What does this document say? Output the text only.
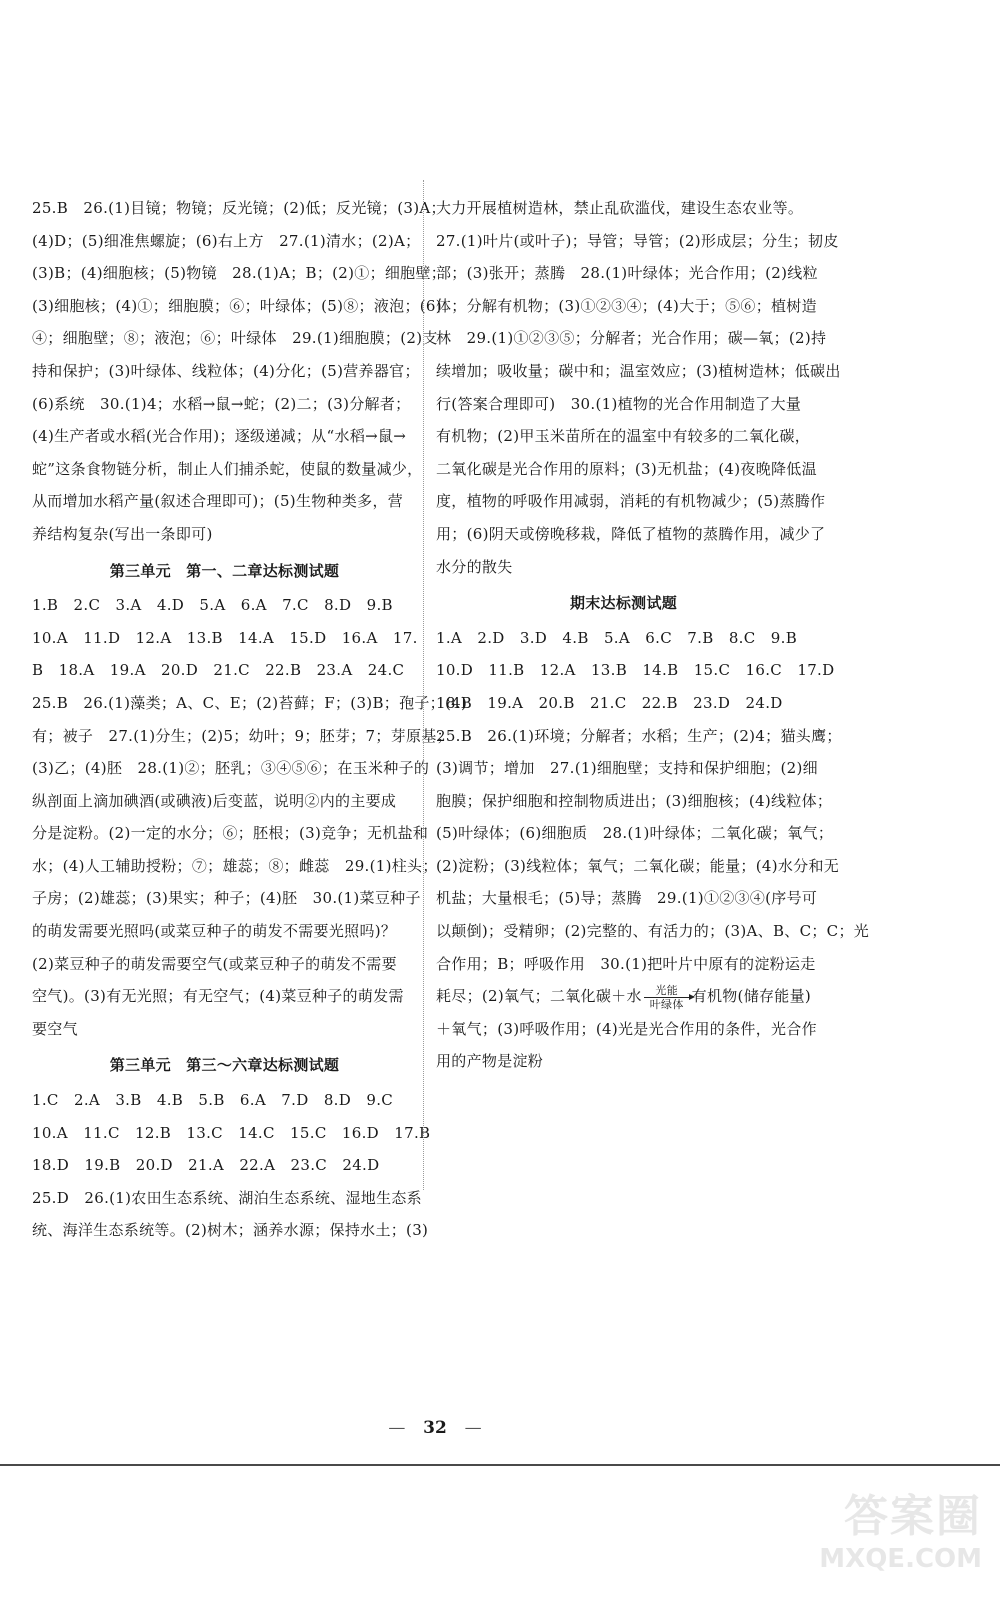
25.B　26.(1)目镜；物镜；反光镜；(2)低；反光镜；(3)A；
(4)D；(5)细准焦螺旋；(6)右上方　27.(1)清水；(2)A；
(3)B；(4)细胞核；(5)物镜　28.(1)A；B；(2)①；细胞壁；
(3)细胞核；(4)①；细胞膜；⑥；叶绿体；(5)⑧；液泡；(6)
④；细胞壁；⑧；液泡；⑥；叶绿体　29.(1)细胞膜；(2)支
持和保护；(3)叶绿体、线粒体；(4)分化；(5)营养器官；
(6)系统　30.(1)4；水稻→鼠→蛇；(2)二；(3)分解者；
(4)生产者或水稻(光合作用)；逐级递减；从“水稻→鼠→
蛇”这条食物链分析，制止人们捕杀蛇，使鼠的数量减少，
从而增加水稻产量(叙述合理即可)；(5)生物种类多，营
养结构复杂(写出一条即可)
第三单元　第一、二章达标测试题
1.B　2.C　3.A　4.D　5.A　6.A　7.C　8.D　9.B
10.A　11.D　12.A　13.B　14.A　15.D　16.A　17.
B　18.A　19.A　20.D　21.C　22.B　23.A　24.C
25.B　26.(1)藻类；A、C、E；(2)苔藓；F；(3)B；孢子；(4)
有；被子　27.(1)分生；(2)5；幼叶；9；胚芽；7；芽原基；
(3)乙；(4)胚　28.(1)②；胚乳；③④⑤⑥；在玉米种子的
纵剖面上滴加碘酒(或碘液)后变蓝，说明②内的主要成
分是淀粉。(2)一定的水分；⑥；胚根；(3)竞争；无机盐和
水；(4)人工辅助授粉；⑦；雄蕊；⑧；雌蕊　29.(1)柱头；
子房；(2)雄蕊；(3)果实；种子；(4)胚　30.(1)菜豆种子
的萌发需要光照吗(或菜豆种子的萌发不需要光照吗)？
(2)菜豆种子的萌发需要空气(或菜豆种子的萌发不需要
空气)。(3)有无光照；有无空气；(4)菜豆种子的萌发需
要空气
第三单元　第三～六章达标测试题
1.C　2.A　3.B　4.B　5.B　6.A　7.D　8.D　9.C
10.A　11.C　12.B　13.C　14.C　15.C　16.D　17.B
18.D　19.B　20.D　21.A　22.A　23.C　24.D
25.D　26.(1)农田生态系统、湖泊生态系统、湿地生态系
统、海洋生态系统等。(2)树木；涵养水源；保持水土；(3)
大力开展植树造林，禁止乱砍滥伐，建设生态农业等。
27.(1)叶片(或叶子)；导管；导管；(2)形成层；分生；韧皮
部；(3)张开；蒸腾　28.(1)叶绿体；光合作用；(2)线粒
体；分解有机物；(3)①②③④；(4)大于；⑤⑥；植树造
林　29.(1)①②③⑤；分解者；光合作用；碳—氧；(2)持
续增加；吸收量；碳中和；温室效应；(3)植树造林；低碳出
行(答案合理即可)　30.(1)植物的光合作用制造了大量
有机物；(2)甲玉米苗所在的温室中有较多的二氧化碳，
二氧化碳是光合作用的原料；(3)无机盐；(4)夜晚降低温
度，植物的呼吸作用减弱，消耗的有机物减少；(5)蒸腾作
用；(6)阴天或傍晚移栽，降低了植物的蒸腾作用，减少了
水分的散失
期末达标测试题
1.A　2.D　3.D　4.B　5.A　6.C　7.B　8.C　9.B
10.D　11.B　12.A　13.B　14.B　15.C　16.C　17.D
18.B　19.A　20.B　21.C　22.B　23.D　24.D
25.B　26.(1)环境；分解者；水稻；生产；(2)4；猫头鹰；
(3)调节；增加　27.(1)细胞壁；支持和保护细胞；(2)细
胞膜；保护细胞和控制物质进出；(3)细胞核；(4)线粒体；
(5)叶绿体；(6)细胞质　28.(1)叶绿体；二氧化碳；氧气；
(2)淀粉；(3)线粒体；氧气；二氧化碳；能量；(4)水分和无
机盐；大量根毛；(5)导；蒸腾　29.(1)①②③④(序号可
以颠倒)；受精卵；(2)完整的、有活力的；(3)A、B、C；C；光
合作用；B；呼吸作用　30.(1)把叶片中原有的淀粉运走
耗尽；(2)氧气；二氧化碳＋水 $\frac{\text{光能}}{\text{叶绿体}}$ 有机物(储存能量)
＋氧气；(3)呼吸作用；(4)光是光合作用的条件，光合作
用的产物是淀粉
— 32 —
答案圈
MXQE.COM
